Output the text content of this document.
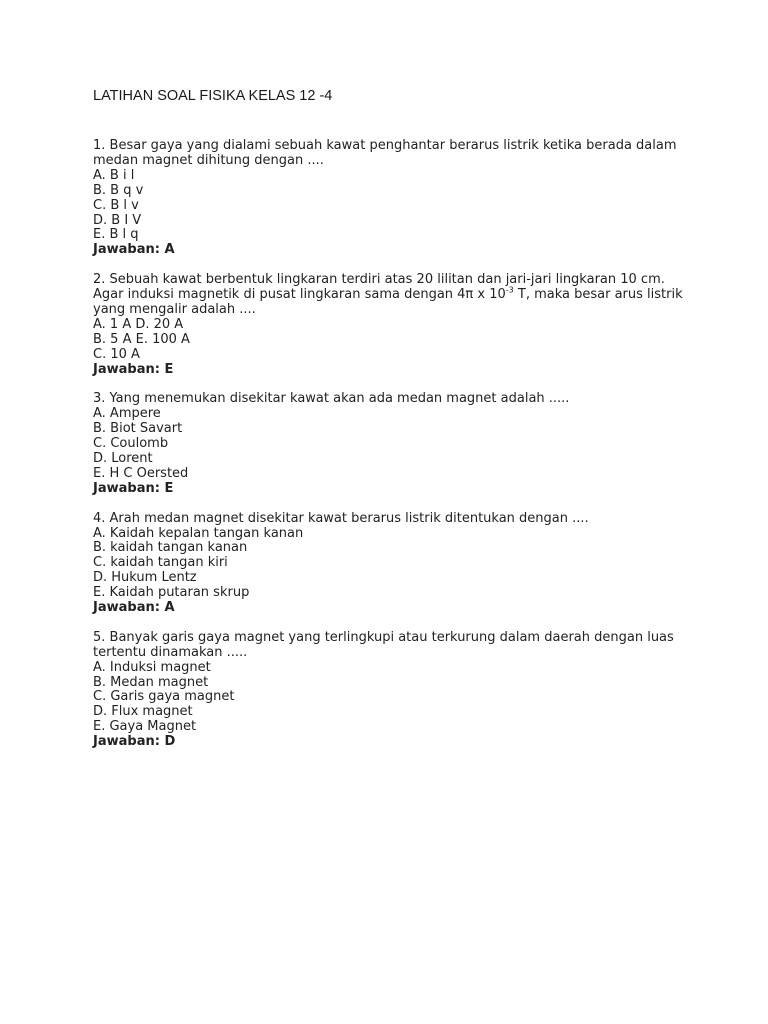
LATIHAN SOAL FISIKA KELAS 12 -4
1. Besar gaya yang dialami sebuah kawat penghantar berarus listrik ketika berada dalam medan magnet dihitung dengan ....
A. B i l
B. B q v
C. B l v
D. B I V
E. B l q
Jawaban: A
2. Sebuah kawat berbentuk lingkaran terdiri atas 20 lilitan dan jari-jari lingkaran 10 cm. Agar induksi magnetik di pusat lingkaran sama dengan 4π x $10^{-3}$ T, maka besar arus listrik yang mengalir adalah ....
A. 1 A D. 20 A
B. 5 A E. 100 A
C. 10 A
Jawaban: E
3. Yang menemukan disekitar kawat akan ada medan magnet adalah .....
A. Ampere
B. Biot Savart
C. Coulomb
D. Lorent
E. H C Oersted
Jawaban: E
4. Arah medan magnet disekitar kawat berarus listrik ditentukan dengan ....
A. Kaidah kepalan tangan kanan
B. kaidah tangan kanan
C. kaidah tangan kiri
D. Hukum Lentz
E. Kaidah putaran skrup
Jawaban: A
5. Banyak garis gaya magnet yang terlingkupi atau terkurung dalam daerah dengan luas tertentu dinamakan .....
A. Induksi magnet
B. Medan magnet
C. Garis gaya magnet
D. Flux magnet
E. Gaya Magnet
Jawaban: D
